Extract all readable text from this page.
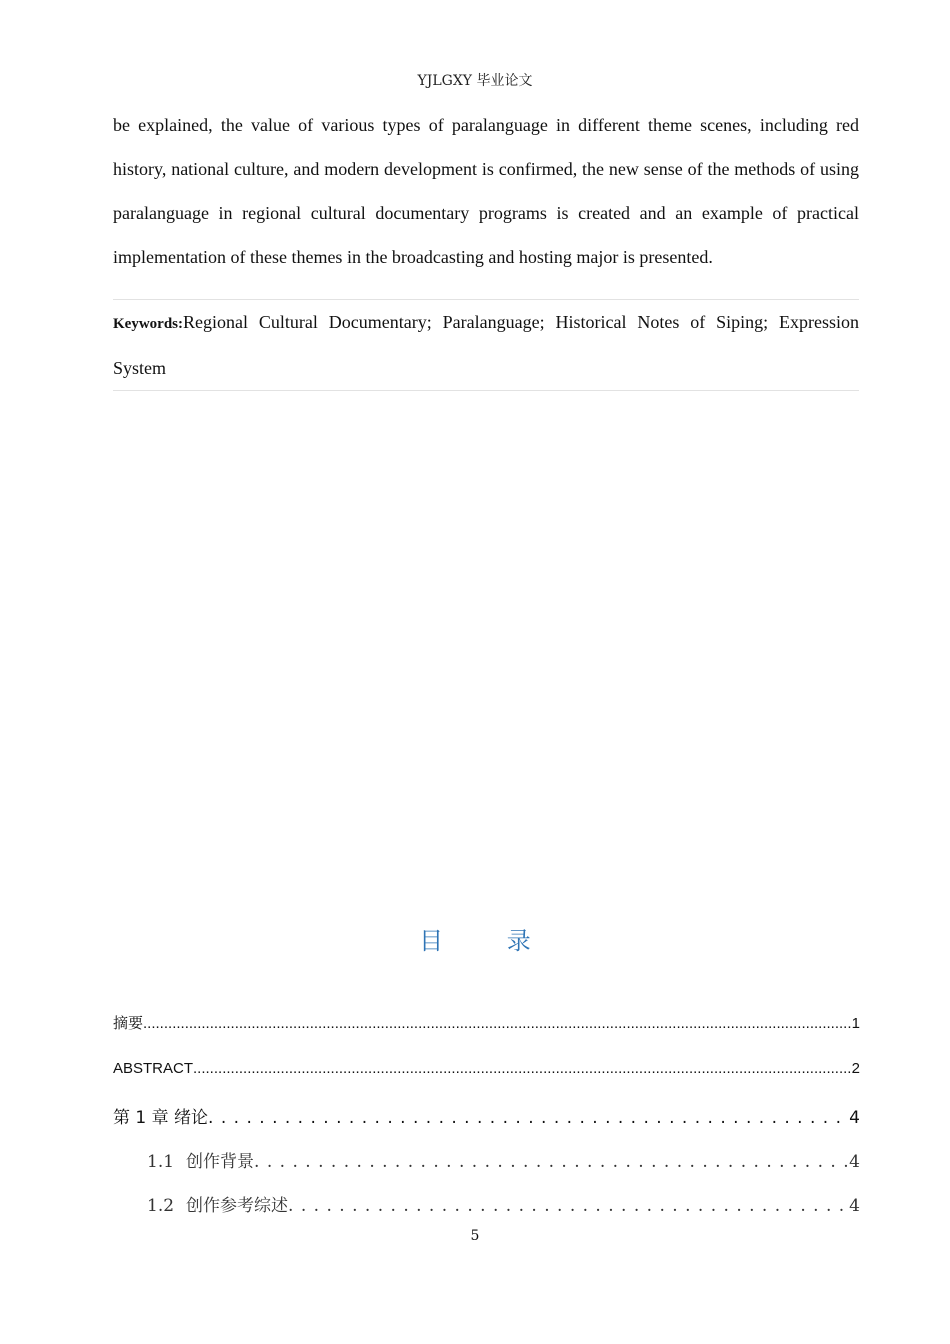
YJLGXY 毕业论文
be explained, the value of various types of paralanguage in different theme scenes, including red history, national culture, and modern development is confirmed, the new sense of the methods of using paralanguage in regional cultural documentary programs is created and an example of practical implementation of these themes in the broadcasting and hosting major is presented.
Keywords:Regional Cultural Documentary; Paralanguage; Historical Notes of Siping; Expression System
目 录
摘要 .....	1
ABSTRACT .....	2
第 1 章 绪论 . . .	4
1.1 创作背景 . . .	4
1.2 创作参考综述 . . .	4
5
